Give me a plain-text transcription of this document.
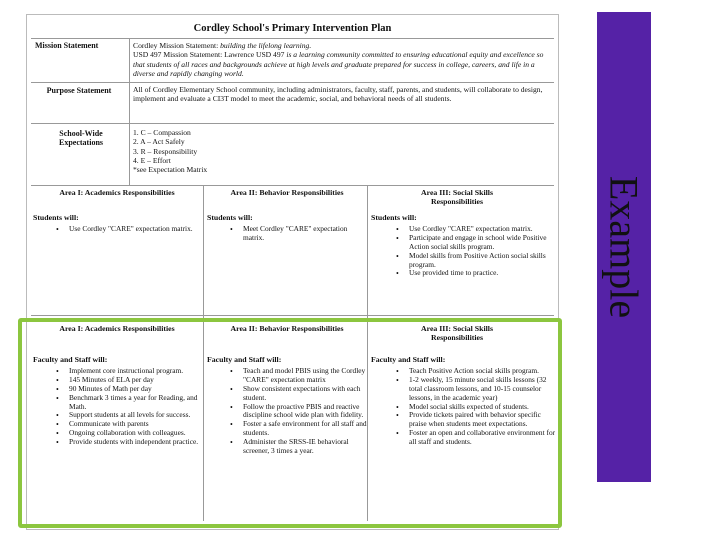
Cordley School's Primary Intervention Plan
Mission Statement	Cordley Mission Statement: building the lifelong learning.
USD 497 Mission Statement: Lawrence USD 497 is a learning community committed to ensuring educational equity and excellence so that students of all races and backgrounds achieve at high levels and graduate prepared for success in college, careers, and life in a diverse and rapidly changing world.
Purpose Statement	All of Cordley Elementary School community, including administrators, faculty, staff, parents, and students, will collaborate to design, implement and evaluate a CI3T model to meet the academic, social, and behavioral needs of all students.
School-Wide Expectations
1. C – Compassion
2. A – Act Safely
3. R – Responsibility
4. E – Effort
*see Expectation Matrix
Area I: Academics Responsibilities
Students will:
• Use Cordley "CARE" expectation matrix.
Area II: Behavior Responsibilities
Students will:
• Meet Cordley "CARE" expectation matrix.
Area III: Social Skills Responsibilities
Students will:
• Use Cordley "CARE" expectation matrix.
• Participate and engage in school wide Positive Action social skills program.
• Model skills from Positive Action social skills program.
• Use provided time to practice.
Area I: Academics Responsibilities
Faculty and Staff will:
• Implement core instructional program.
• 145 Minutes of ELA per day
• 90 Minutes of Math per day
• Benchmark 3 times a year for Reading, and Math.
• Support students at all levels for success.
• Communicate with parents
• Ongoing collaboration with colleagues.
• Provide students with independent practice.
Area II: Behavior Responsibilities
Faculty and Staff will:
• Teach and model PBIS using the Cordley "CARE" expectation matrix
• Show consistent expectations with each student.
• Follow the proactive PBIS and reactive discipline school wide plan with fidelity.
• Foster a safe environment for all staff and students.
• Administer the SRSS-IE behavioral screener, 3 times a year.
Area III: Social Skills Responsibilities
Faculty and Staff will:
• Teach Positive Action social skills program.
• 1-2 weekly, 15 minute social skills lessons (32 total classroom lessons, and 10-15 counselor lessons, in the academic year)
• Model social skills expected of students.
• Provide tickets paired with behavior specific praise when students meet expectations.
• Foster an open and collaborative environment for all staff and students.
Example
